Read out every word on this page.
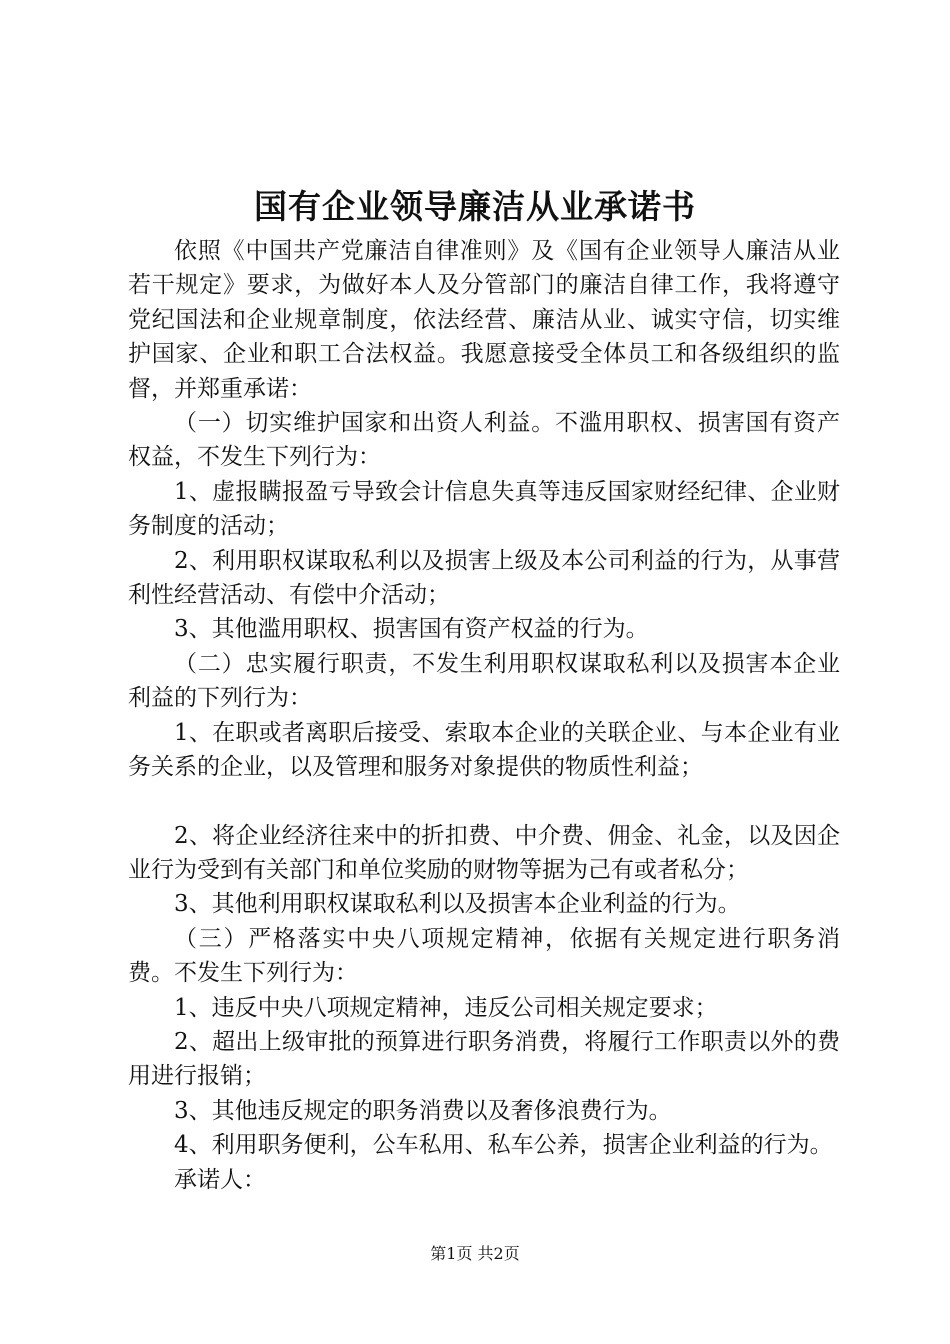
国有企业领导廉洁从业承诺书

依照《中国共产党廉洁自律准则》及《国有企业领导人廉洁从业若干规定》要求，为做好本人及分管部门的廉洁自律工作，我将遵守党纪国法和企业规章制度，依法经营、廉洁从业、诚实守信，切实维护国家、企业和职工合法权益。我愿意接受全体员工和各级组织的监督，并郑重承诺：

（一）切实维护国家和出资人利益。不滥用职权、损害国有资产权益，不发生下列行为：

1、虚报瞒报盈亏导致会计信息失真等违反国家财经纪律、企业财务制度的活动；

2、利用职权谋取私利以及损害上级及本公司利益的行为，从事营利性经营活动、有偿中介活动；

3、其他滥用职权、损害国有资产权益的行为。

（二）忠实履行职责，不发生利用职权谋取私利以及损害本企业利益的下列行为：

1、在职或者离职后接受、索取本企业的关联企业、与本企业有业务关系的企业，以及管理和服务对象提供的物质性利益；

2、将企业经济往来中的折扣费、中介费、佣金、礼金，以及因企业行为受到有关部门和单位奖励的财物等据为己有或者私分；

3、其他利用职权谋取私利以及损害本企业利益的行为。

（三）严格落实中央八项规定精神，依据有关规定进行职务消费。不发生下列行为：

1、违反中央八项规定精神，违反公司相关规定要求；

2、超出上级审批的预算进行职务消费，将履行工作职责以外的费用进行报销；

3、其他违反规定的职务消费以及奢侈浪费行为。

4、利用职务便利，公车私用、私车公养，损害企业利益的行为。

承诺人：

第1页 共2页
